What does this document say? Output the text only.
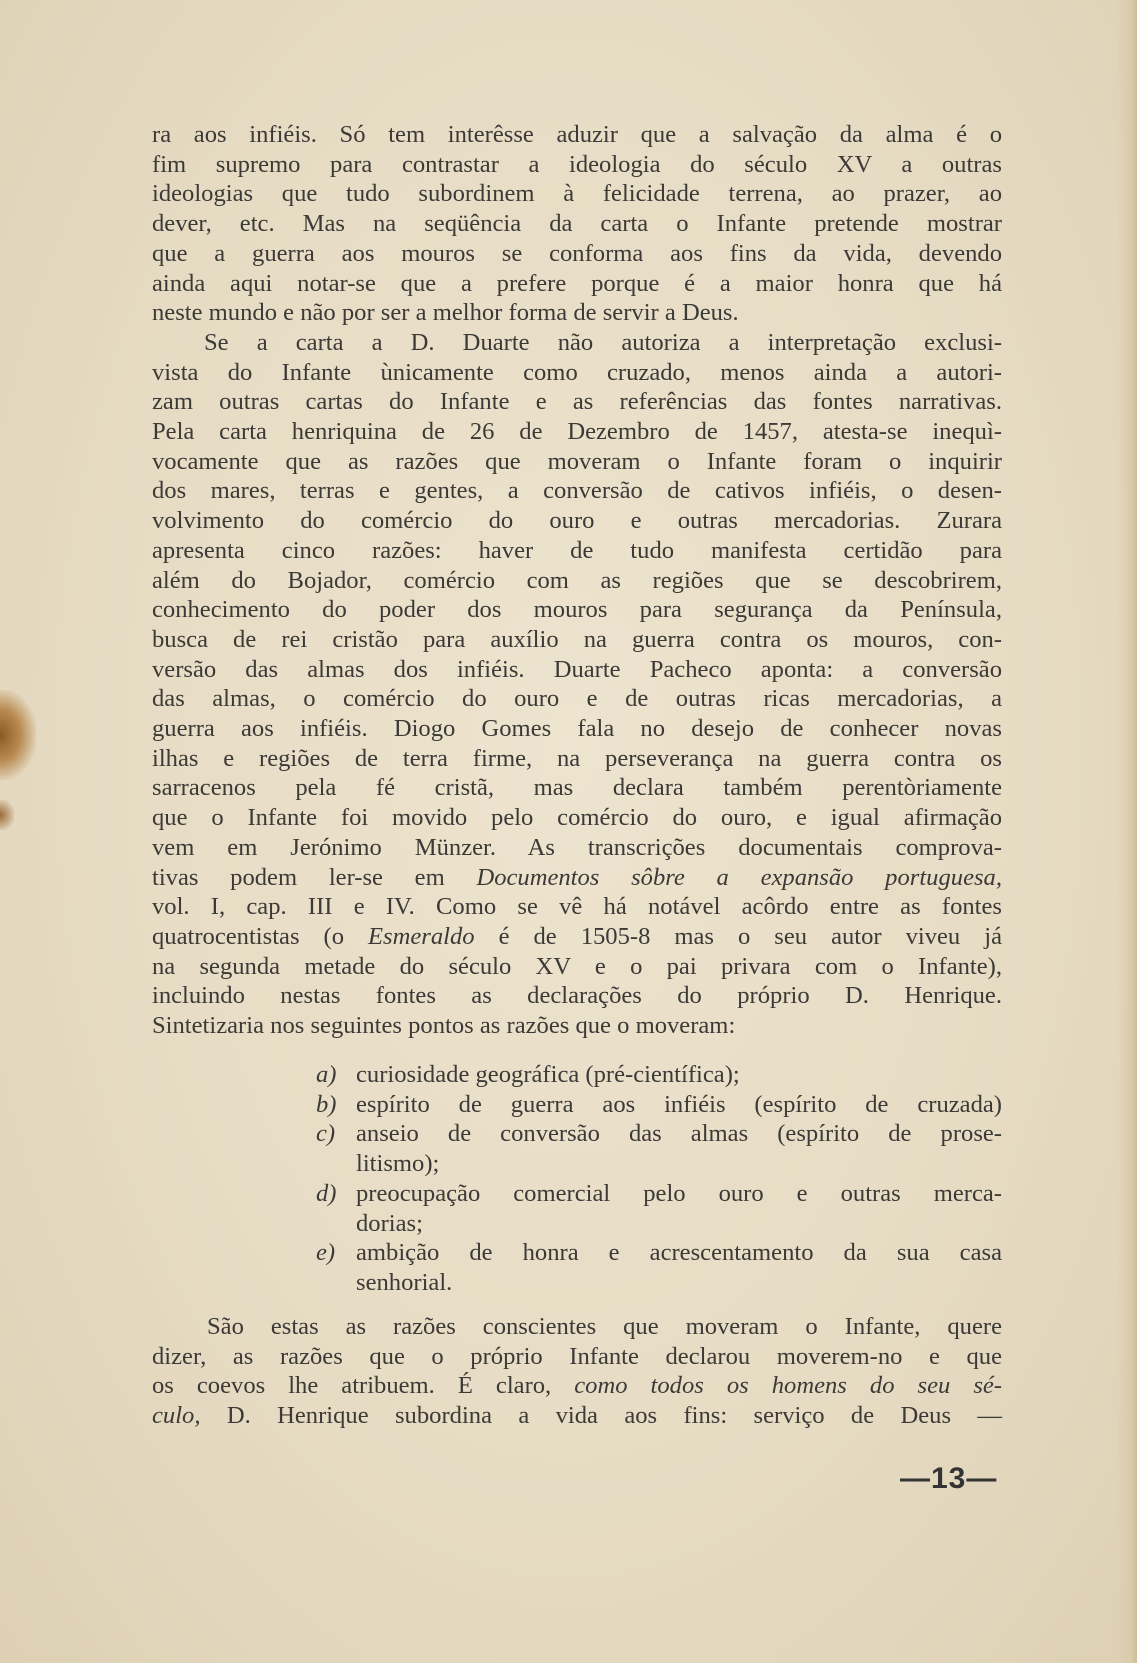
ra aos infiéis. Só tem interêsse aduzir que a salvação da alma é o
fim supremo para contrastar a ideologia do século XV a outras
ideologias que tudo subordinem à felicidade terrena, ao prazer, ao
dever, etc. Mas na seqüência da carta o Infante pretende mostrar
que a guerra aos mouros se conforma aos fins da vida, devendo
ainda aqui notar-se que a prefere porque é a maior honra que há
neste mundo e não por ser a melhor forma de servir a Deus.
Se a carta a D. Duarte não autoriza a interpretação exclusi-
vista do Infante ùnicamente como cruzado, menos ainda a autori-
zam outras cartas do Infante e as referências das fontes narrativas.
Pela carta henriquina de 26 de Dezembro de 1457, atesta-se inequì-
vocamente que as razões que moveram o Infante foram o inquirir
dos mares, terras e gentes, a conversão de cativos infiéis, o desen-
volvimento do comércio do ouro e outras mercadorias. Zurara
apresenta cinco razões: haver de tudo manifesta certidão para
além do Bojador, comércio com as regiões que se descobrirem,
conhecimento do poder dos mouros para segurança da Península,
busca de rei cristão para auxílio na guerra contra os mouros, con-
versão das almas dos infiéis. Duarte Pacheco aponta: a conversão
das almas, o comércio do ouro e de outras ricas mercadorias, a
guerra aos infiéis. Diogo Gomes fala no desejo de conhecer novas
ilhas e regiões de terra firme, na perseverança na guerra contra os
sarracenos pela fé cristã, mas declara também perentòriamente
que o Infante foi movido pelo comércio do ouro, e igual afirmação
vem em Jerónimo Münzer. As transcrições documentais comprova-
tivas podem ler-se em Documentos sôbre a expansão portuguesa,
vol. I, cap. III e IV. Como se vê há notável acôrdo entre as fontes
quatrocentistas (o Esmeraldo é de 1505-8 mas o seu autor viveu já
na segunda metade do século XV e o pai privara com o Infante),
incluindo nestas fontes as declarações do próprio D. Henrique.
Sintetizaria nos seguintes pontos as razões que o moveram:
a) curiosidade geográfica (pré-científica);
b) espírito de guerra aos infiéis (espírito de cruzada)
c) anseio de conversão das almas (espírito de prose-
litismo);
d) preocupação comercial pelo ouro e outras merca-
dorias;
e) ambição de honra e acrescentamento da sua casa
senhorial.
São estas as razões conscientes que moveram o Infante, quere
dizer, as razões que o próprio Infante declarou moverem-no e que
os coevos lhe atribuem. É claro, como todos os homens do seu sé-
culo, D. Henrique subordina a vida aos fins: serviço de Deus —
—13—
